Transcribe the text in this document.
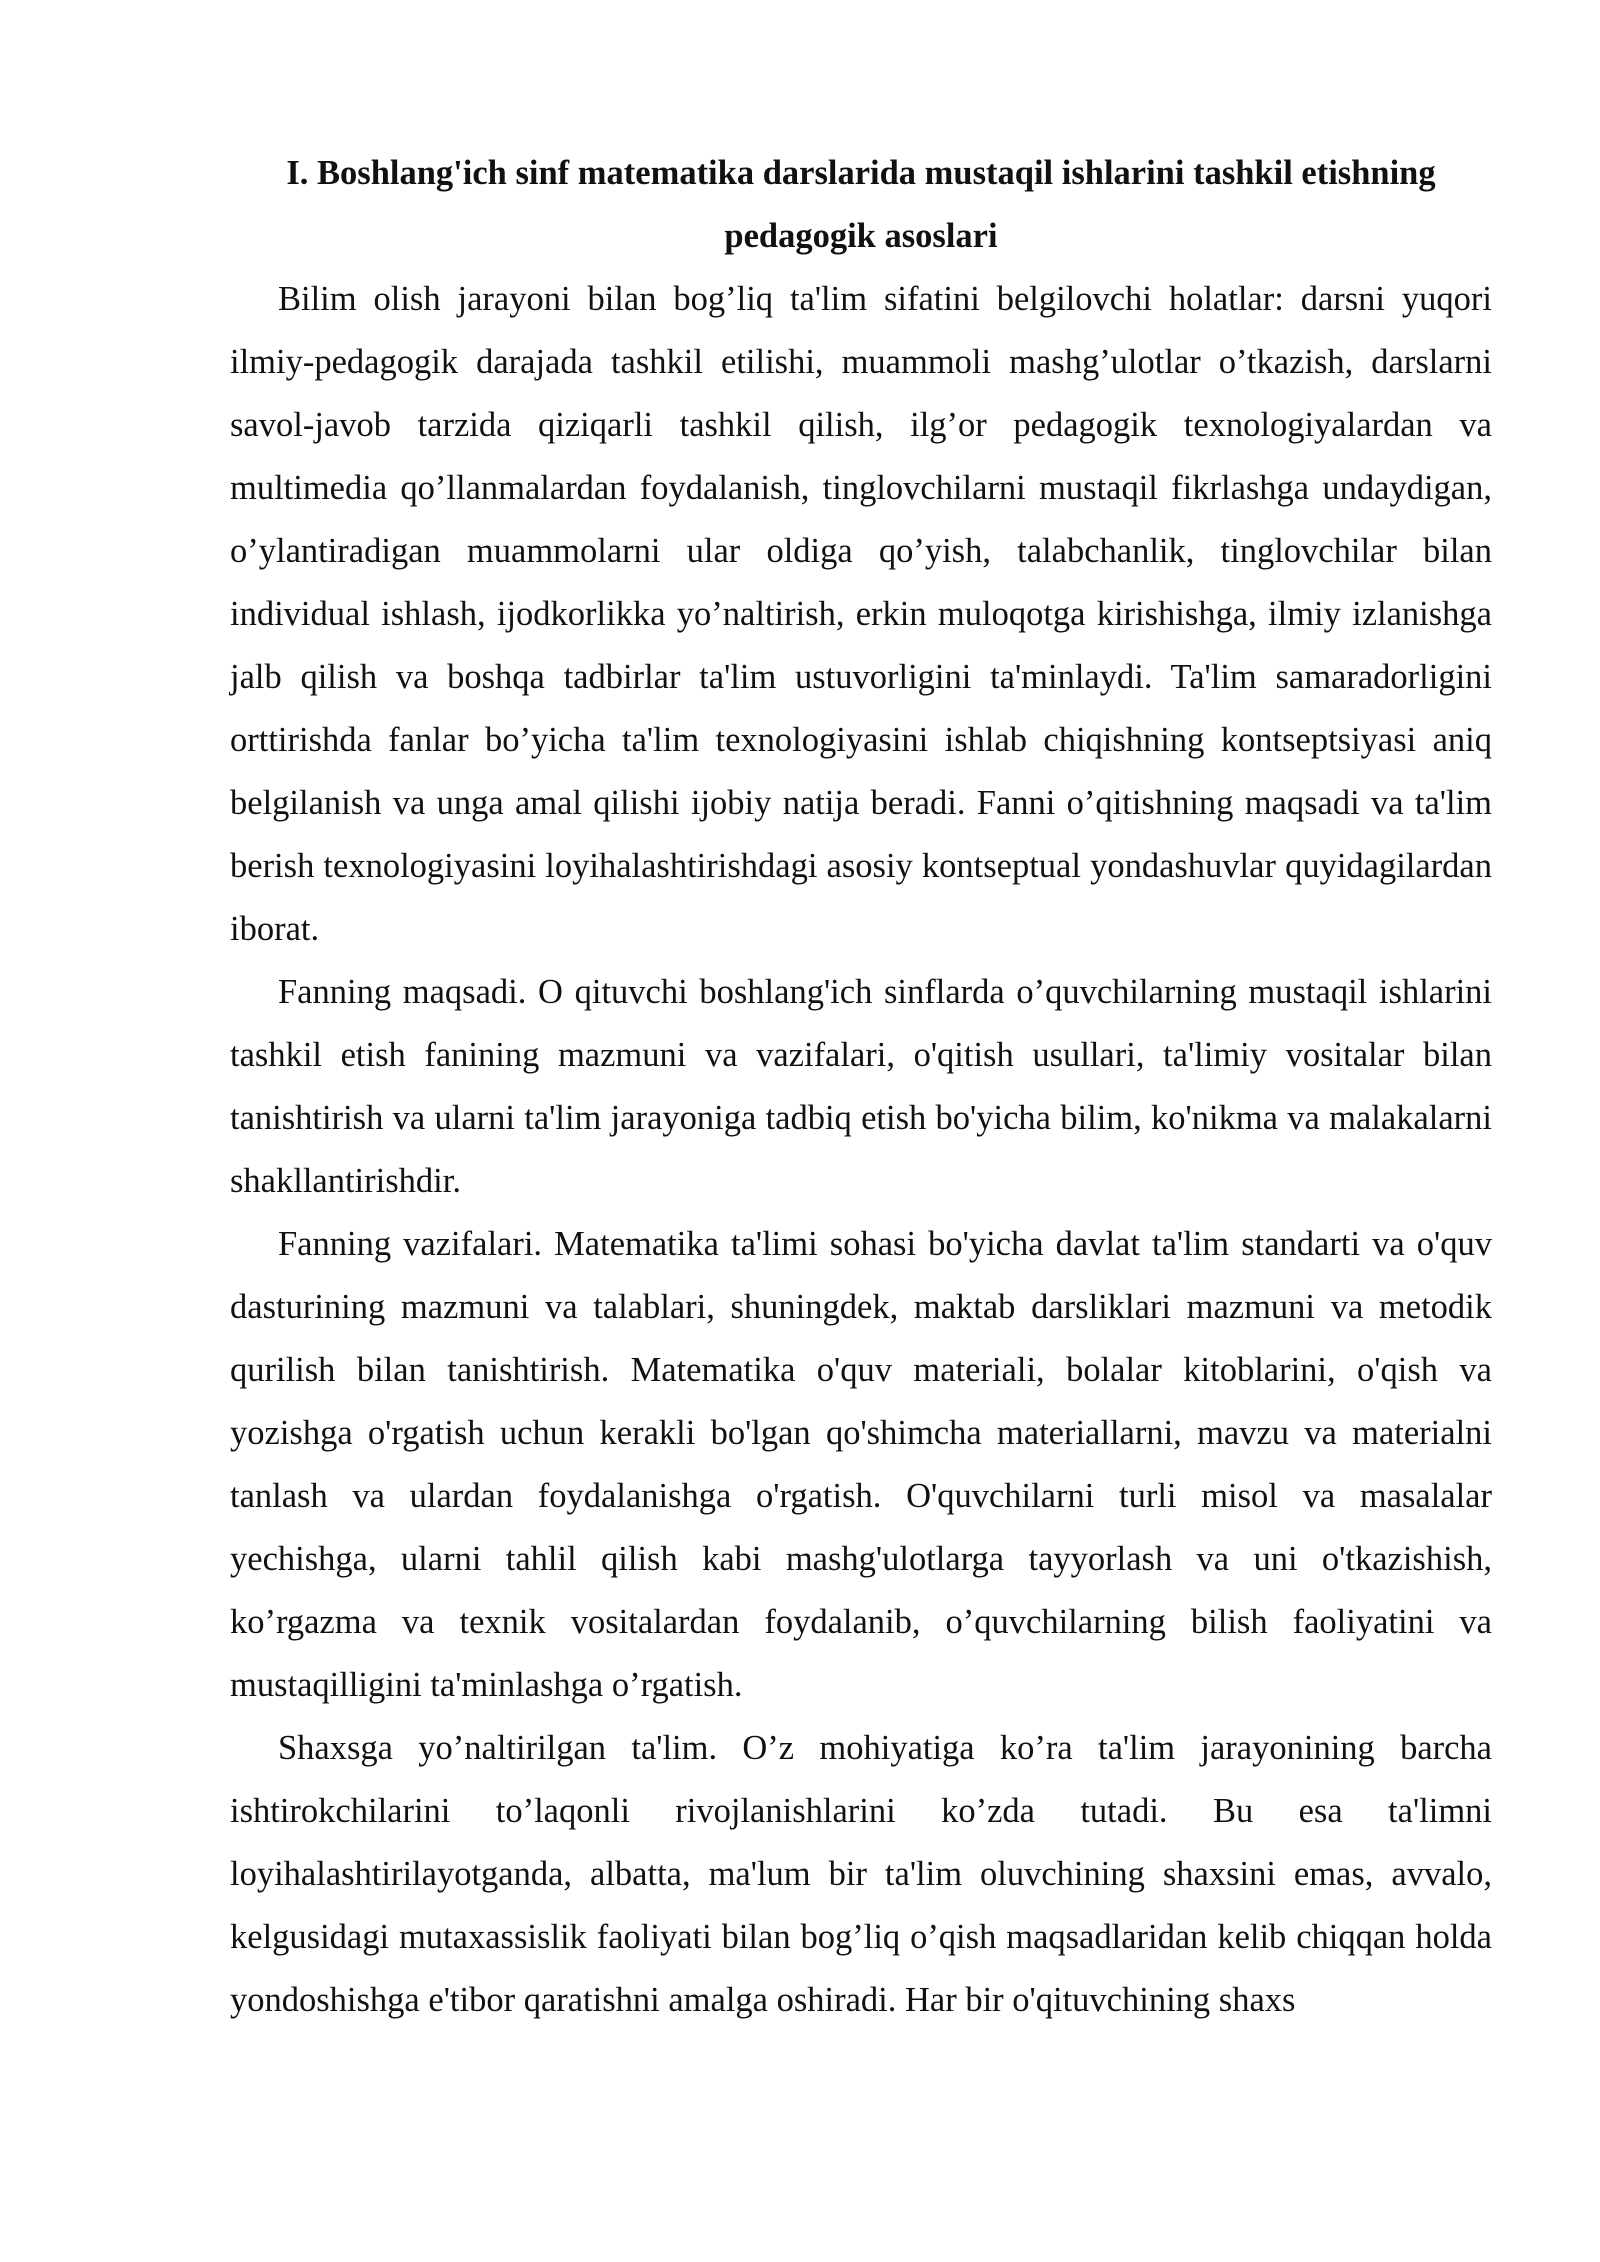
I. Boshlang'ich sinf matematika darslarida mustaqil ishlarini tashkil etishning
pedagogik asoslari

Bilim olish jarayoni bilan bog’liq ta'lim sifatini belgilovchi holatlar: darsni yuqori ilmiy-pedagogik darajada tashkil etilishi, muammoli mashg’ulotlar o’tkazish, darslarni savol-javob tarzida qiziqarli tashkil qilish, ilg’or pedagogik texnologiyalardan va multimedia qo’llanmalardan foydalanish, tinglovchilarni mustaqil fikrlashga undaydigan, o’ylantiradigan muammolarni ular oldiga qo’yish, talabchanlik, tinglovchilar bilan individual ishlash, ijodkorlikka yo’naltirish, erkin muloqotga kirishishga, ilmiy izlanishga jalb qilish va boshqa tadbirlar ta'lim ustuvorligini ta'minlaydi. Ta'lim samaradorligini orttirishda fanlar bo’yicha ta'lim texnologiyasini ishlab chiqishning kontseptsiyasi aniq belgilanish va unga amal qilishi ijobiy natija beradi. Fanni o’qitishning maqsadi va ta'lim berish texnologiyasini loyihalashtirishdagi asosiy kontseptual yondashuvlar quyidagilardan iborat.

Fanning maqsadi. O qituvchi boshlang'ich sinflarda o’quvchilarning mustaqil ishlarini tashkil etish fanining mazmuni va vazifalari, o'qitish usullari, ta'limiy vositalar bilan tanishtirish va ularni ta'lim jarayoniga tadbiq etish bo'yicha bilim, ko'nikma va malakalarni shakllantirishdir.

Fanning vazifalari. Matematika ta'limi sohasi bo'yicha davlat ta'lim standarti va o'quv dasturining mazmuni va talablari, shuningdek, maktab darsliklari mazmuni va metodik qurilish bilan tanishtirish. Matematika o'quv materiali, bolalar kitoblarini, o'qish va yozishga o'rgatish uchun kerakli bo'lgan qo'shimcha materiallarni, mavzu va materialni tanlash va ulardan foydalanishga o'rgatish. O'quvchilarni turli misol va masalalar yechishga, ularni tahlil qilish kabi mashg'ulotlarga tayyorlash va uni o'tkazishish, ko’rgazma va texnik vositalardan foydalanib, o’quvchilarning bilish faoliyatini va mustaqilligini ta'minlashga o’rgatish.

Shaxsga yo’naltirilgan ta'lim. O’z mohiyatiga ko’ra ta'lim jarayonining barcha ishtirokchilarini to’laqonli rivojlanishlarini ko’zda tutadi. Bu esa ta'limni loyihalashtirilayotganda, albatta, ma'lum bir ta'lim oluvchining shaxsini emas, avvalo, kelgusidagi mutaxassislik faoliyati bilan bog’liq o’qish maqsadlaridan kelib chiqqan holda yondoshishga e'tibor qaratishni amalga oshiradi. Har bir o'qituvchining shaxs
